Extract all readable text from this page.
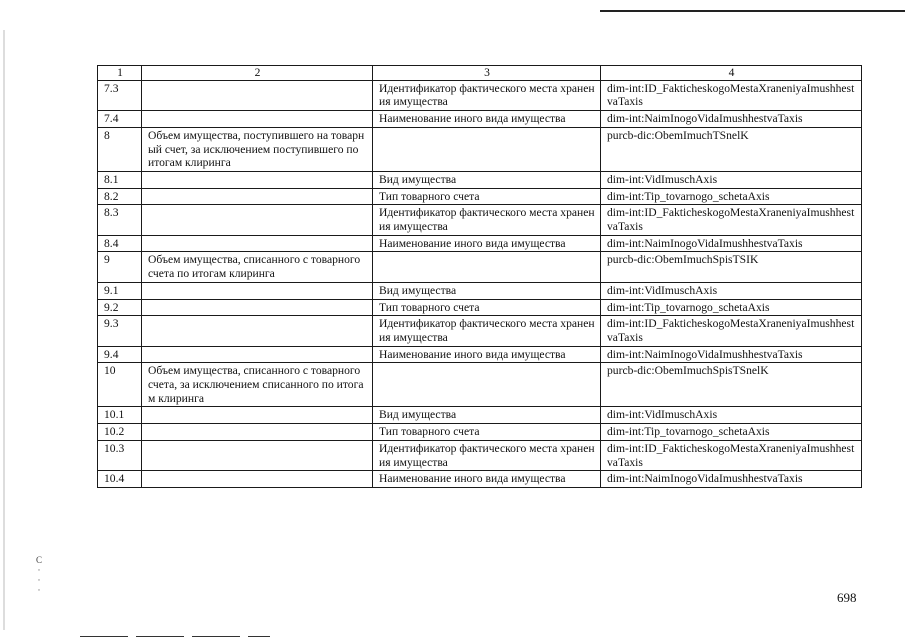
1	2	3	4
7.3		Идентификатор фактического места хранения имущества	dim-int:ID_FakticheskogoMestaXraneniyaImushhestvaTaxis
7.4		Наименование иного вида имущества	dim-int:NaimInogoVidaImushhestvaTaxis
8	Объем имущества, поступившего на товарный счет, за исключением поступившего по итогам клиринга		purcb-dic:ObemImuchTSnelK
8.1		Вид имущества	dim-int:VidImuschAxis
8.2		Тип товарного счета	dim-int:Tip_tovarnogo_schetaAxis
8.3		Идентификатор фактического места хранения имущества	dim-int:ID_FakticheskogoMestaXraneniyaImushhestvaTaxis
8.4		Наименование иного вида имущества	dim-int:NaimInogoVidaImushhestvaTaxis
9	Объем имущества, списанного с товарного счета по итогам клиринга		purcb-dic:ObemImuchSpisTSIK
9.1		Вид имущества	dim-int:VidImuschAxis
9.2		Тип товарного счета	dim-int:Tip_tovarnogo_schetaAxis
9.3		Идентификатор фактического места хранения имущества	dim-int:ID_FakticheskogoMestaXraneniyaImushhestvaTaxis
9.4		Наименование иного вида имущества	dim-int:NaimInogoVidaImushhestvaTaxis
10	Объем имущества, списанного с товарного счета, за исключением списанного по итогам клиринга		purcb-dic:ObemImuchSpisTSnelK
10.1		Вид имущества	dim-int:VidImuschAxis
10.2		Тип товарного счета	dim-int:Tip_tovarnogo_schetaAxis
10.3		Идентификатор фактического места хранения имущества	dim-int:ID_FakticheskogoMestaXraneniyaImushhestvaTaxis
10.4		Наименование иного вида имущества	dim-int:NaimInogoVidaImushhestvaTaxis
С
·
·
·	698
